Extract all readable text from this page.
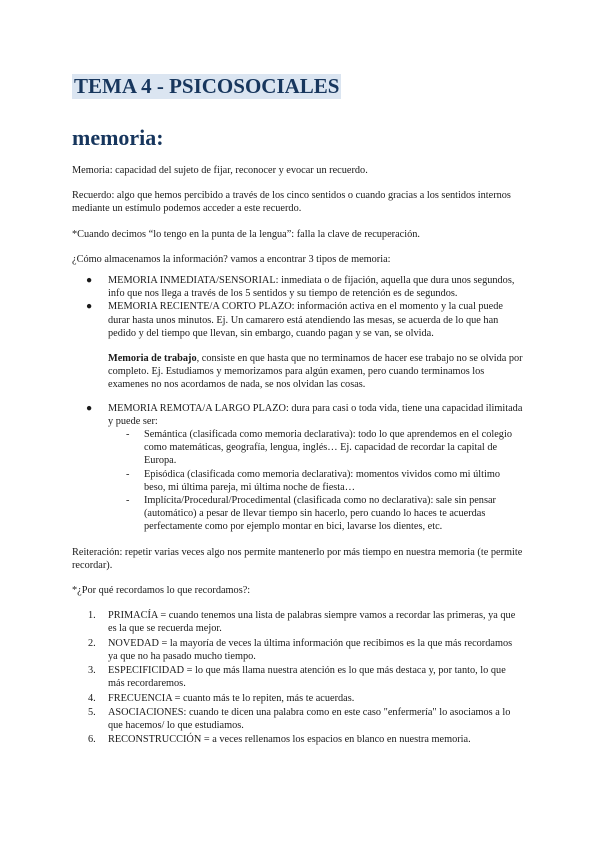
TEMA 4 - PSICOSOCIALES
memoria:

Memoria: capacidad del sujeto de fijar, reconocer y evocar un recuerdo.

Recuerdo: algo que hemos percibido a través de los cinco sentidos o cuando gracias a los sentidos internos mediante un estímulo podemos acceder a este recuerdo.

*Cuando decimos “lo tengo en la punta de la lengua”: falla la clave de recuperación.

¿Cómo almacenamos la información? vamos a encontrar 3 tipos de memoria:

● MEMORIA INMEDIATA/SENSORIAL: inmediata o de fijación, aquella que dura unos segundos, info que nos llega a través de los 5 sentidos y su tiempo de retención es de segundos.
● MEMORIA RECIENTE/A CORTO PLAZO: información activa en el momento y la cual puede durar hasta unos minutos. Ej. Un camarero está atendiendo las mesas, se acuerda de lo que han pedido y del tiempo que llevan, sin embargo, cuando pagan y se van, se olvida.

Memoria de trabajo, consiste en que hasta que no terminamos de hacer ese trabajo no se olvida por completo. Ej. Estudiamos y memorizamos para algún examen, pero cuando terminamos los examenes no nos acordamos de nada, se nos olvidan las cosas.

● MEMORIA REMOTA/A LARGO PLAZO: dura para casi o toda vida, tiene una capacidad ilimitada y puede ser:
- Semántica (clasificada como memoria declarativa): todo lo que aprendemos en el colegio como matemáticas, geografía, lengua, inglés… Ej. capacidad de recordar la capital de Europa.
- Episódica (clasificada como memoria declarativa): momentos vividos como mi último beso, mi última pareja, mi última noche de fiesta…
- Implícita/Procedural/Procedimental (clasificada como no declarativa): sale sin pensar (automático) a pesar de llevar tiempo sin hacerlo, pero cuando lo haces te acuerdas perfectamente como por ejemplo montar en bici, lavarse los dientes, etc.

Reiteración: repetir varias veces algo nos permite mantenerlo por más tiempo en nuestra memoria (te permite recordar).

*¿Por qué recordamos lo que recordamos?:

1. PRIMACÍA = cuando tenemos una lista de palabras siempre vamos a recordar las primeras, ya que es la que se recuerda mejor.
2. NOVEDAD = la mayoría de veces la última información que recibimos es la que más recordamos ya que no ha pasado mucho tiempo.
3. ESPECIFICIDAD = lo que más llama nuestra atención es lo que más destaca y, por tanto, lo que más recordaremos.
4. FRECUENCIA = cuanto más te lo repiten, más te acuerdas.
5. ASOCIACIONES: cuando te dicen una palabra como en este caso "enfermería" lo asociamos a lo que hacemos/ lo que estudiamos.
6. RECONSTRUCCIÓN = a veces rellenamos los espacios en blanco en nuestra memoria.
